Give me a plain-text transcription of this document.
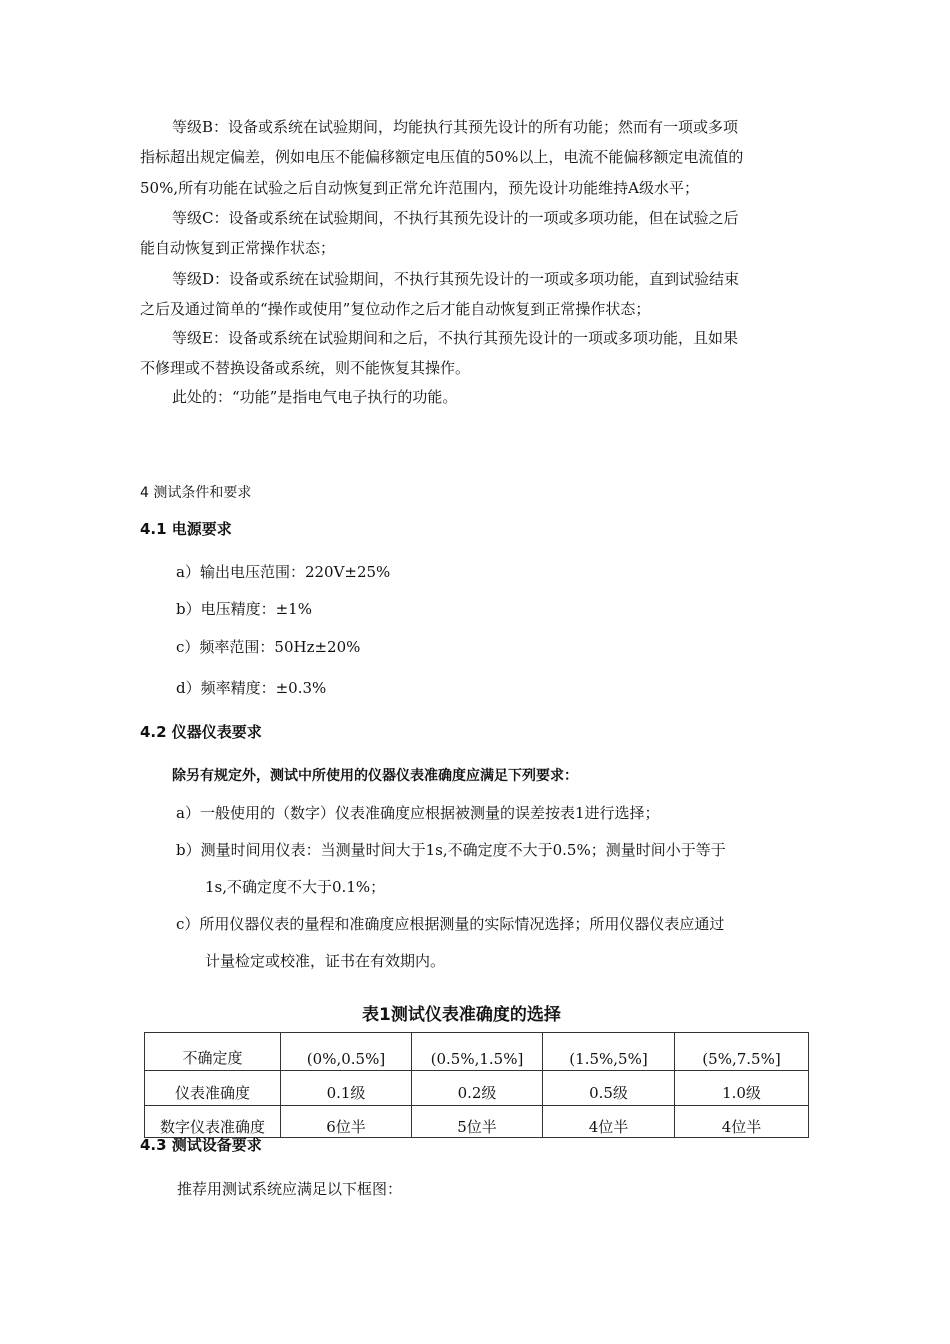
等级B：设备或系统在试验期间，均能执行其预先设计的所有功能；然而有一项或多项
指标超出规定偏差，例如电压不能偏移额定电压值的50%以上，电流不能偏移额定电流值的
50%,所有功能在试验之后自动恢复到正常允许范围内，预先设计功能维持A级水平；
等级C：设备或系统在试验期间，不执行其预先设计的一项或多项功能，但在试验之后
能自动恢复到正常操作状态；
等级D：设备或系统在试验期间，不执行其预先设计的一项或多项功能，直到试验结束
之后及通过简单的“操作或使用”复位动作之后才能自动恢复到正常操作状态；
等级E：设备或系统在试验期间和之后，不执行其预先设计的一项或多项功能，且如果
不修理或不替换设备或系统，则不能恢复其操作。
此处的：“功能”是指电气电子执行的功能。
4 测试条件和要求
4.1 电源要求
a）输出电压范围：220V±25%
b）电压精度：±1%
c）频率范围：50Hz±20%
d）频率精度：±0.3%
4.2 仪器仪表要求
除另有规定外，测试中所使用的仪器仪表准确度应满足下列要求：
a）一般使用的（数字）仪表准确度应根据被测量的误差按表1进行选择；
b）测量时间用仪表：当测量时间大于1s,不确定度不大于0.5%；测量时间小于等于
1s,不确定度不大于0.1%；
c）所用仪器仪表的量程和准确度应根据测量的实际情况选择；所用仪器仪表应通过
计量检定或校准，证书在有效期内。
表1测试仪表准确度的选择
不确定度	(0%,0.5%]	(0.5%,1.5%]	(1.5%,5%]	(5%,7.5%]
仪表准确度	0.1级	0.2级	0.5级	1.0级
数字仪表准确度	6位半	5位半	4位半	4位半
4.3 测试设备要求
推荐用测试系统应满足以下框图：
